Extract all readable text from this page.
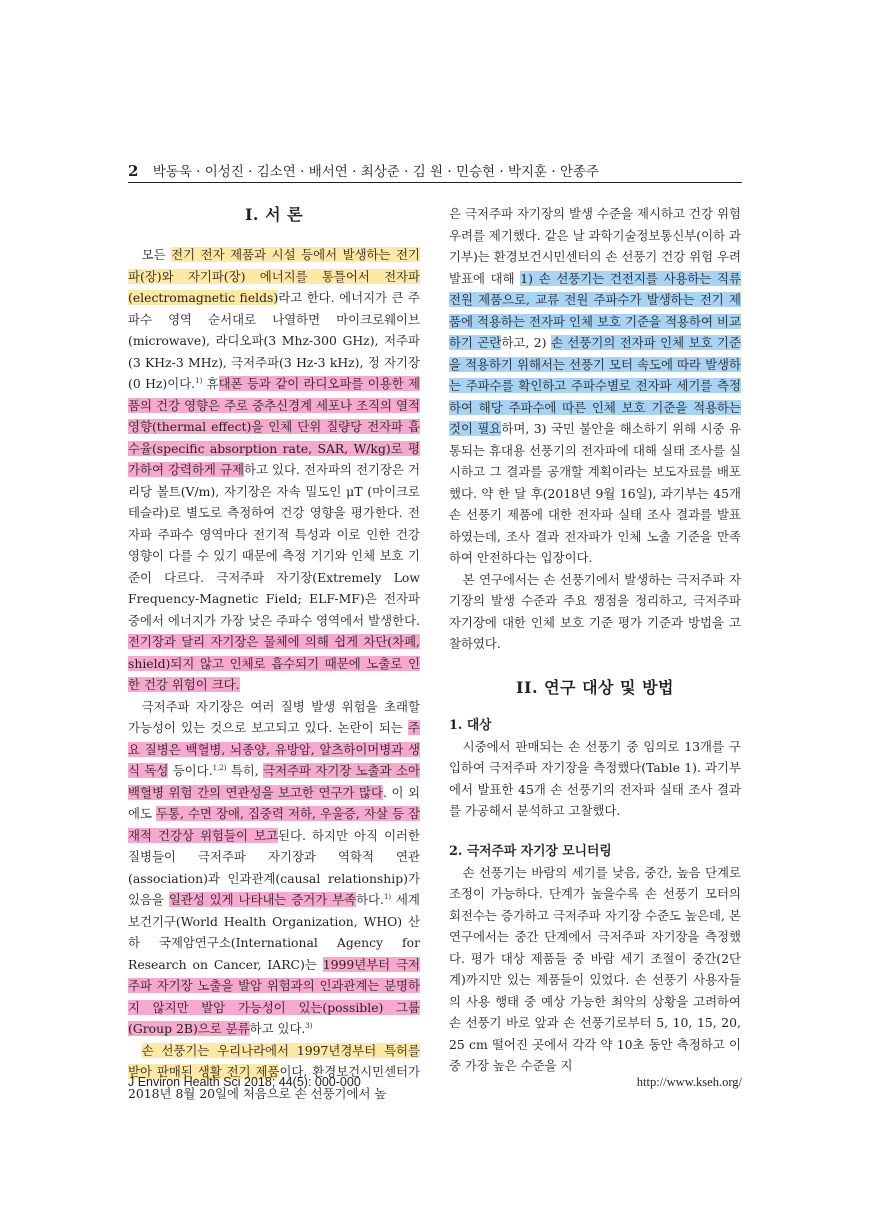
2 박동욱 · 이성진 · 김소연 · 배서연 · 최상준 · 김 원 · 민승현 · 박지훈 · 안종주
I. 서 론

모든 전기 전자 제품과 시설 등에서 발생하는 전기파(장)와 자기파(장) 에너지를 통틀어서 전자파(electromagnetic fields)라고 한다. 에너지가 큰 주파수 영역 순서대로 나열하면 마이크로웨이브(microwave), 라디오파(3 Mhz-300 GHz), 저주파(3 KHz-3 MHz), 극저주파(3 Hz-3 kHz), 정 자기장(0 Hz)이다.$^{1)}$ 휴대폰 등과 같이 라디오파를 이용한 제품의 건강 영향은 주로 중추신경계 세포나 조직의 열적 영향(thermal effect)을 인체 단위 질량당 전자파 흡수율(specific absorption rate, SAR, W/kg)로 평가하여 강력하게 규제하고 있다. 전자파의 전기장은 거리당 볼트(V/m), 자기장은 자속 밀도인 μT (마이크로테슬라)로 별도로 측정하여 건강 영향을 평가한다. 전자파 주파수 영역마다 전기적 특성과 이로 인한 건강 영향이 다를 수 있기 때문에 측정 기기와 인체 보호 기준이 다르다. 극저주파 자기장(Extremely Low Frequency-Magnetic Field; ELF-MF)은 전자파 중에서 에너지가 가장 낮은 주파수 영역에서 발생한다. 전기장과 달리 자기장은 물체에 의해 쉽게 차단(차폐, shield)되지 않고 인체로 흡수되기 때문에 노출로 인한 건강 위험이 크다.

극저주파 자기장은 여러 질병 발생 위험을 초래할 가능성이 있는 것으로 보고되고 있다. 논란이 되는 주요 질병은 백혈병, 뇌종양, 유방암, 알츠하이머병과 생식 독성 등이다.$^{1,2)}$ 특히, 극저주파 자기장 노출과 소아 백혈병 위험 간의 연관성을 보고한 연구가 많다. 이 외에도 두통, 수면 장애, 집중력 저하, 우울증, 자살 등 잠재적 건강상 위험들이 보고된다. 하지만 아직 이러한 질병들이 극저주파 자기장과 역학적 연관(association)과 인과관계(causal relationship)가 있음을 일관성 있게 나타내는 증거가 부족하다.$^{1)}$ 세계보건기구(World Health Organization, WHO) 산하 국제암연구소(International Agency for Research on Cancer, IARC)는 1999년부터 극저주파 자기장 노출을 발암 위험과의 인과관계는 분명하지 않지만 발암 가능성이 있는(possible) 그룹(Group 2B)으로 분류하고 있다.$^{3)}$

손 선풍기는 우리나라에서 1997년경부터 특허를 받아 판매된 생활 전기 제품이다. 환경보건시민센터가 2018년 8월 20일에 처음으로 손 선풍기에서 높

은 극저주파 자기장의 발생 수준을 제시하고 건강 위험 우려를 제기했다. 같은 날 과학기술정보통신부(이하 과기부)는 환경보건시민센터의 손 선풍기 건강 위험 우려 발표에 대해 1) 손 선풍기는 건전지를 사용하는 직류 전원 제품으로, 교류 전원 주파수가 발생하는 전기 제품에 적용하는 전자파 인체 보호 기준을 적용하여 비교하기 곤란하고, 2) 손 선풍기의 전자파 인체 보호 기준을 적용하기 위해서는 선풍기 모터 속도에 따라 발생하는 주파수를 확인하고 주파수별로 전자파 세기를 측정하여 해당 주파수에 따른 인체 보호 기준을 적용하는 것이 필요하며, 3) 국민 불안을 해소하기 위해 시중 유통되는 휴대용 선풍기의 전자파에 대해 실태 조사를 실시하고 그 결과를 공개할 계획이라는 보도자료를 배포했다. 약 한 달 후(2018년 9월 16일), 과기부는 45개 손 선풍기 제품에 대한 전자파 실태 조사 결과를 발표하였는데, 조사 결과 전자파가 인체 노출 기준을 만족하여 안전하다는 입장이다.

본 연구에서는 손 선풍기에서 발생하는 극저주파 자기장의 발생 수준과 주요 쟁점을 정리하고, 극저주파 자기장에 대한 인체 보호 기준 평가 기준과 방법을 고찰하였다.

II. 연구 대상 및 방법
1. 대상

시중에서 판매되는 손 선풍기 중 임의로 13개를 구입하여 극저주파 자기장을 측정했다(Table 1). 과기부에서 발표한 45개 손 선풍기의 전자파 실태 조사 결과를 가공해서 분석하고 고찰했다.

2. 극저주파 자기장 모니터링

손 선풍기는 바람의 세기를 낮음, 중간, 높음 단계로 조정이 가능하다. 단계가 높을수록 손 선풍기 모터의 회전수는 증가하고 극저주파 자기장 수준도 높은데, 본 연구에서는 중간 단계에서 극저주파 자기장을 측정했다. 평가 대상 제품들 중 바람 세기 조절이 중간(2단계)까지만 있는 제품들이 있었다. 손 선풍기 사용자들의 사용 행태 중 예상 가능한 최악의 상황을 고려하여 손 선풍기 바로 앞과 손 선풍기로부터 5, 10, 15, 20, 25 cm 떨어진 곳에서 각각 약 10초 동안 측정하고 이 중 가장 높은 수준을 지

J Environ Health Sci 2018; 44(5): 000-000	http://www.kseh.org/
